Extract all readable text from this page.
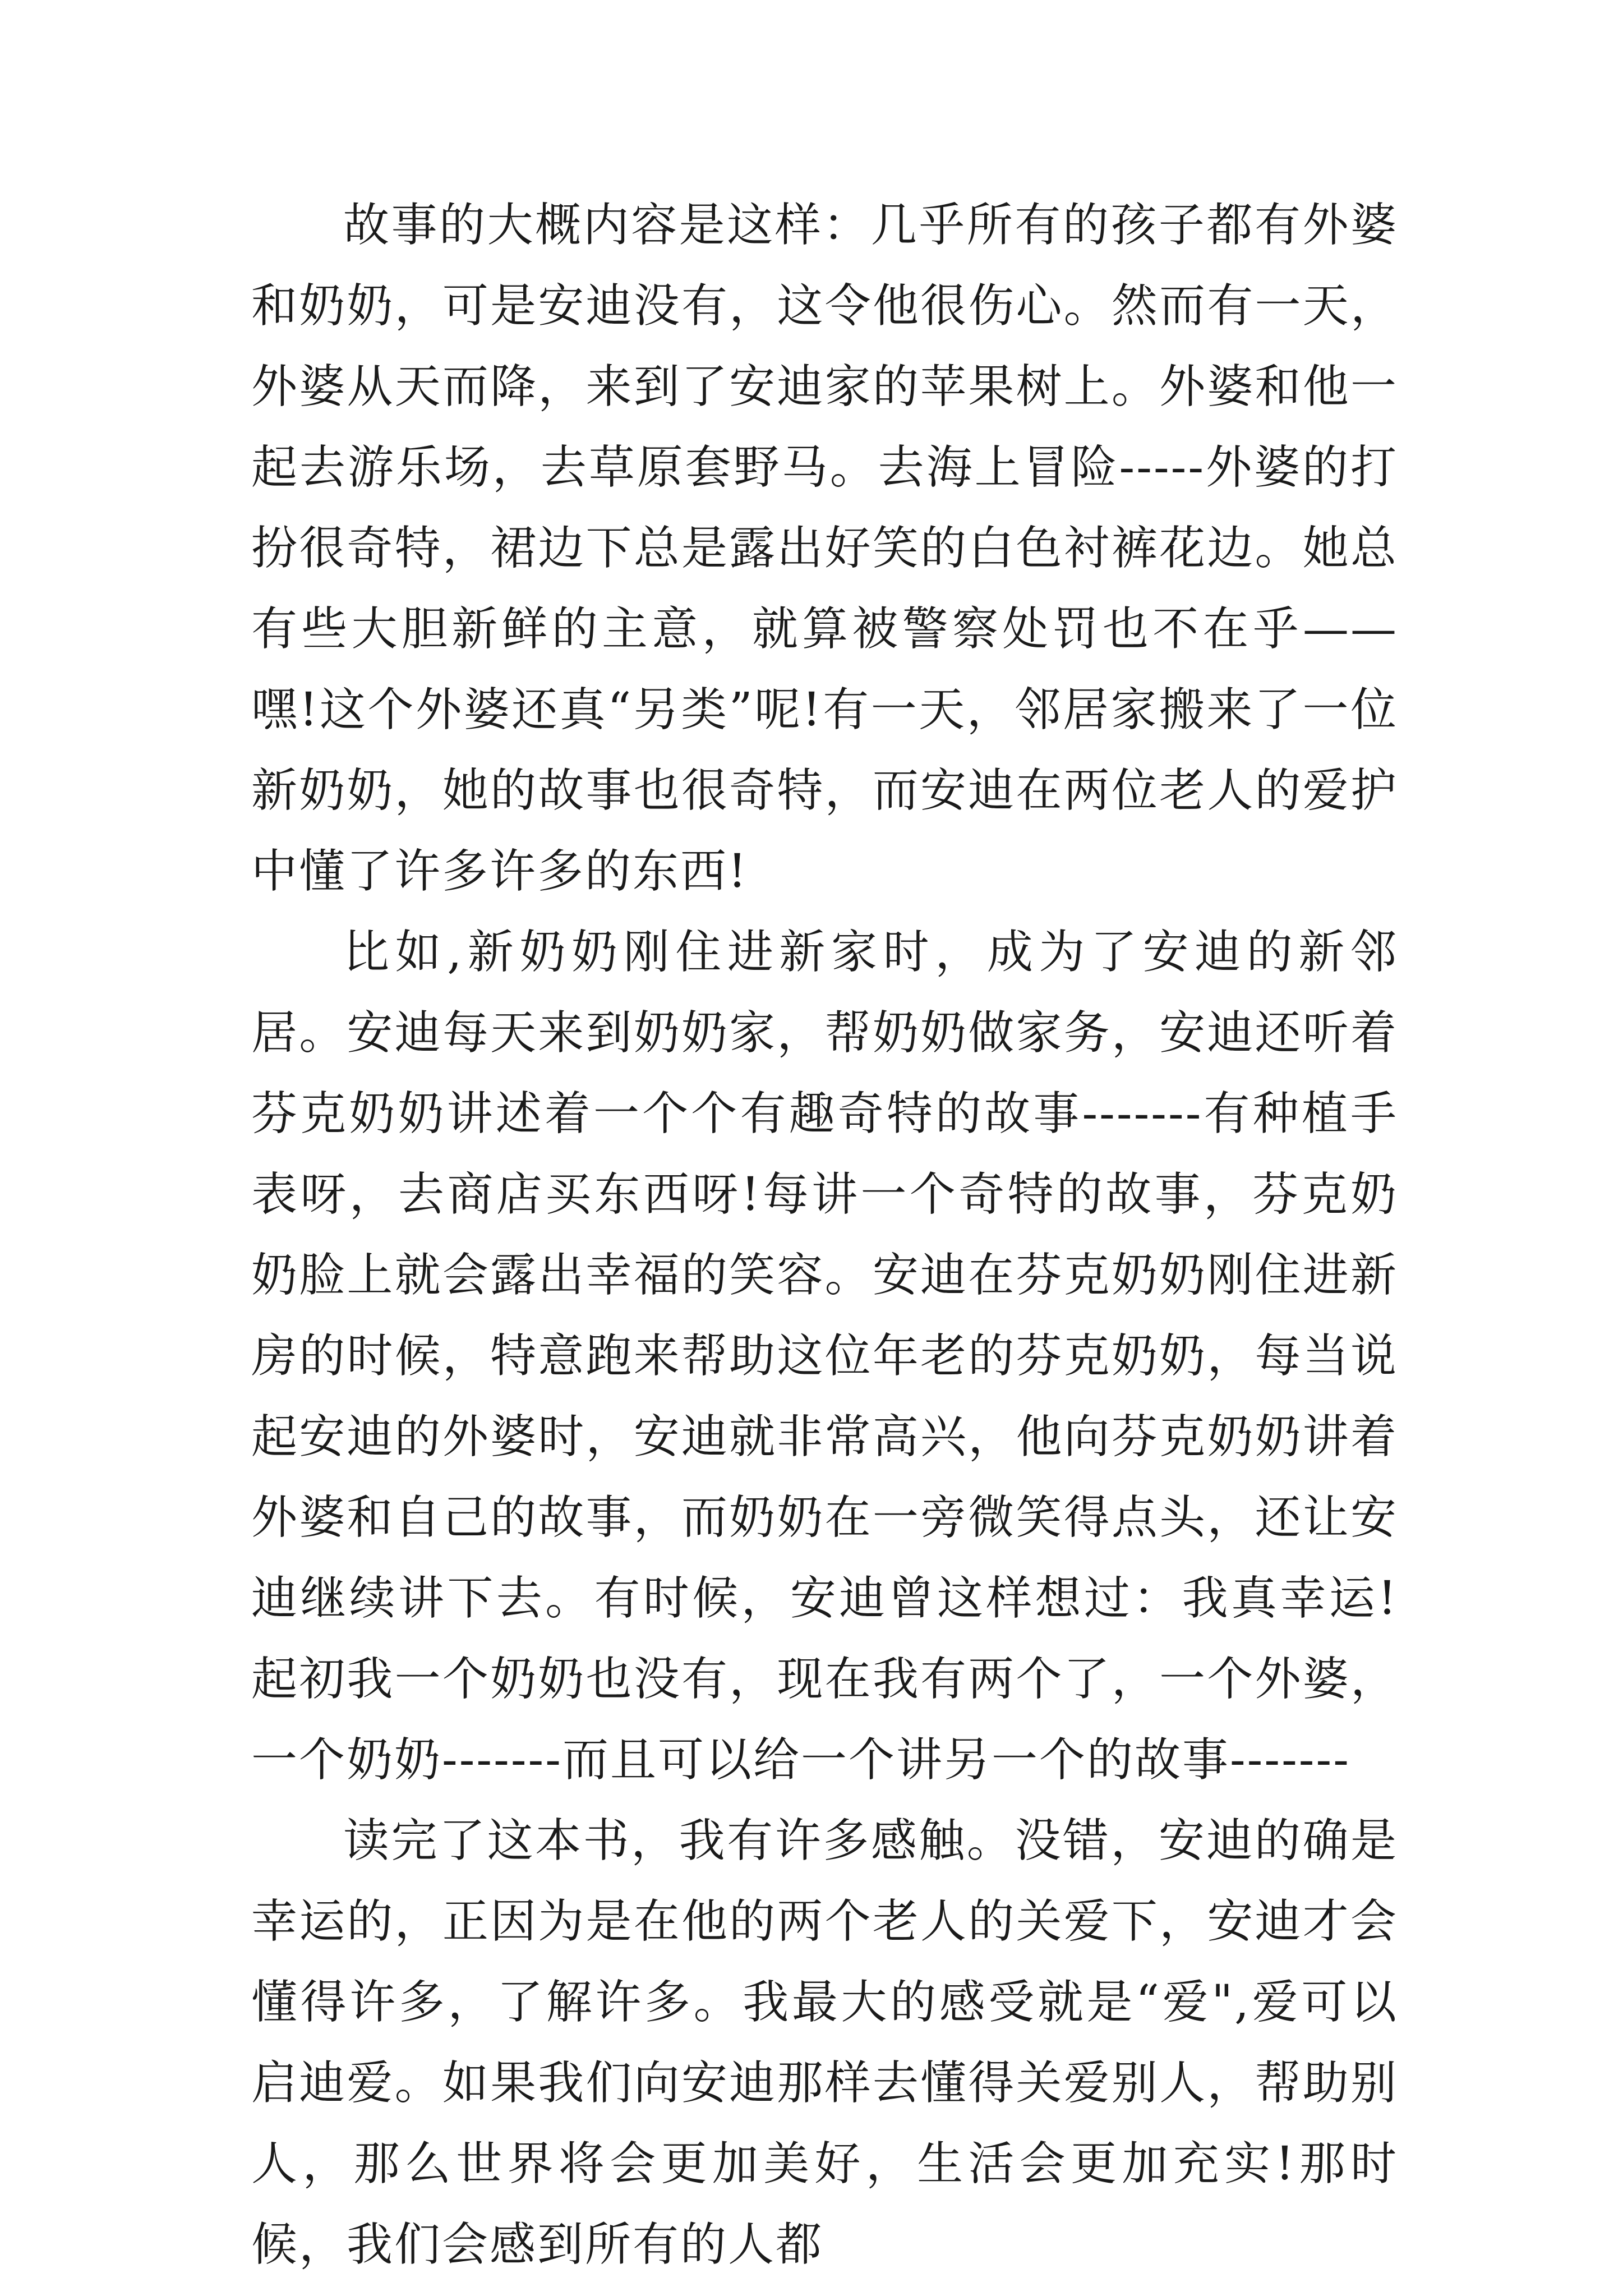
故事的大概内容是这样：几乎所有的孩子都有外婆和奶奶，可是安迪没有，这令他很伤心。然而有一天，外婆从天而降，来到了安迪家的苹果树上。外婆和他一起去游乐场，去草原套野马。去海上冒险-----外婆的打扮很奇特，裙边下总是露出好笑的白色衬裤花边。她总有些大胆新鲜的主意，就算被警察处罚也不在乎——嘿!这个外婆还真“另类”呢!有一天，邻居家搬来了一位新奶奶，她的故事也很奇特，而安迪在两位老人的爱护中懂了许多许多的东西!

比如,新奶奶刚住进新家时，成为了安迪的新邻居。安迪每天来到奶奶家，帮奶奶做家务，安迪还听着芬克奶奶讲述着一个个有趣奇特的故事-------有种植手表呀，去商店买东西呀!每讲一个奇特的故事，芬克奶奶脸上就会露出幸福的笑容。安迪在芬克奶奶刚住进新房的时候，特意跑来帮助这位年老的芬克奶奶，每当说起安迪的外婆时，安迪就非常高兴，他向芬克奶奶讲着外婆和自己的故事，而奶奶在一旁微笑得点头，还让安迪继续讲下去。有时候，安迪曾这样想过：我真幸运!起初我一个奶奶也没有，现在我有两个了，一个外婆，一个奶奶-------而且可以给一个讲另一个的故事-------

读完了这本书，我有许多感触。没错，安迪的确是幸运的，正因为是在他的两个老人的关爱下，安迪才会懂得许多，了解许多。我最大的感受就是“爱",爱可以启迪爱。如果我们向安迪那样去懂得关爱别人，帮助别人，那么世界将会更加美好，生活会更加充实!那时候，我们会感到所有的人都
